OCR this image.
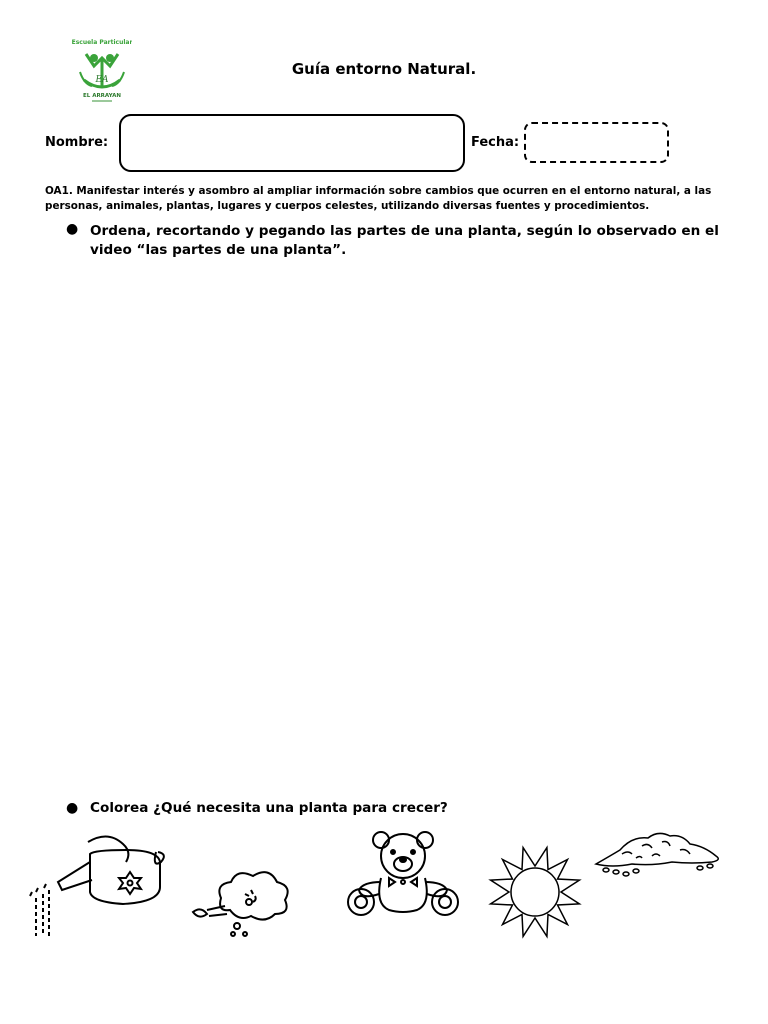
Escuela Particular
EA
EL ARRAYAN
Guía entorno Natural.
Nombre:	Fecha:
OA1. Manifestar interés y asombro al ampliar información sobre cambios que ocurren en el entorno natural, a las personas, animales, plantas, lugares y cuerpos celestes, utilizando diversas fuentes y procedimientos.
● Ordena, recortando y pegando las partes de una planta, según lo observado en el video “las partes de una planta”.
● Colorea ¿Qué necesita una planta para crecer?
